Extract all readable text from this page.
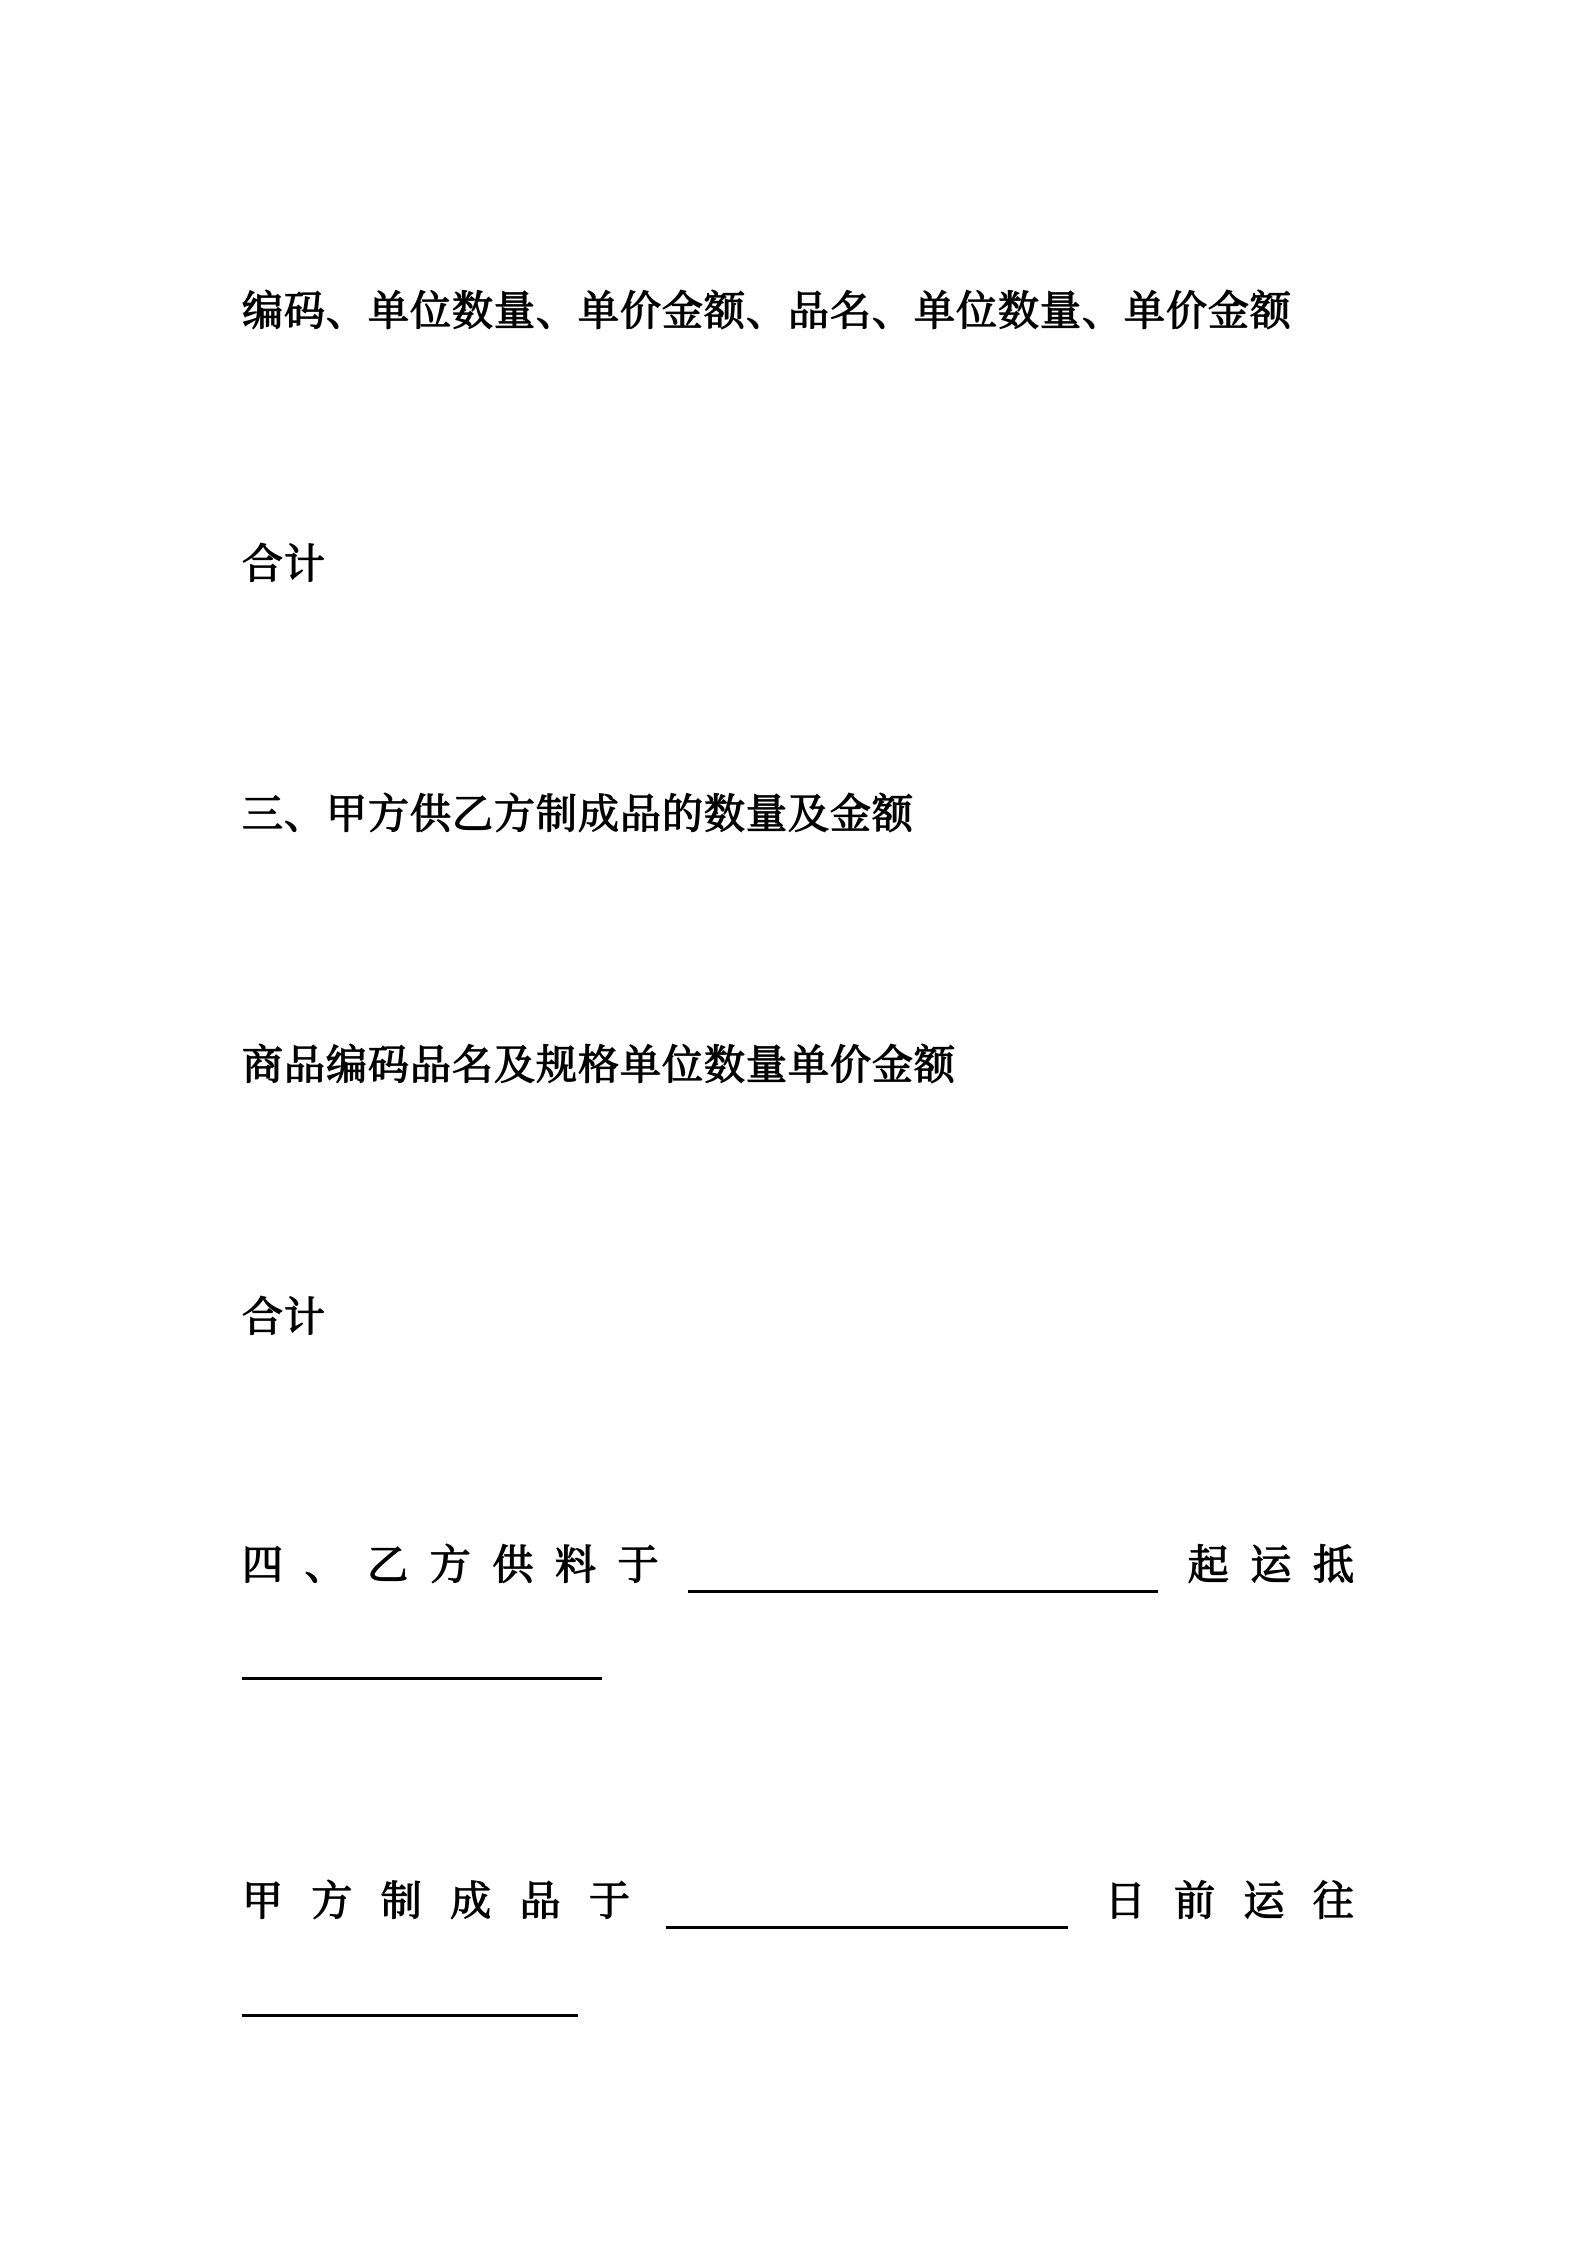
编码、单位数量、单价金额、品名、单位数量、单价金额

合计

三、甲方供乙方制成品的数量及金额

商品编码品名及规格单位数量单价金额

合计

四 、 乙 方 供 料 于	起 运 抵
甲 方 制 成 品 于	日 前 运 往
